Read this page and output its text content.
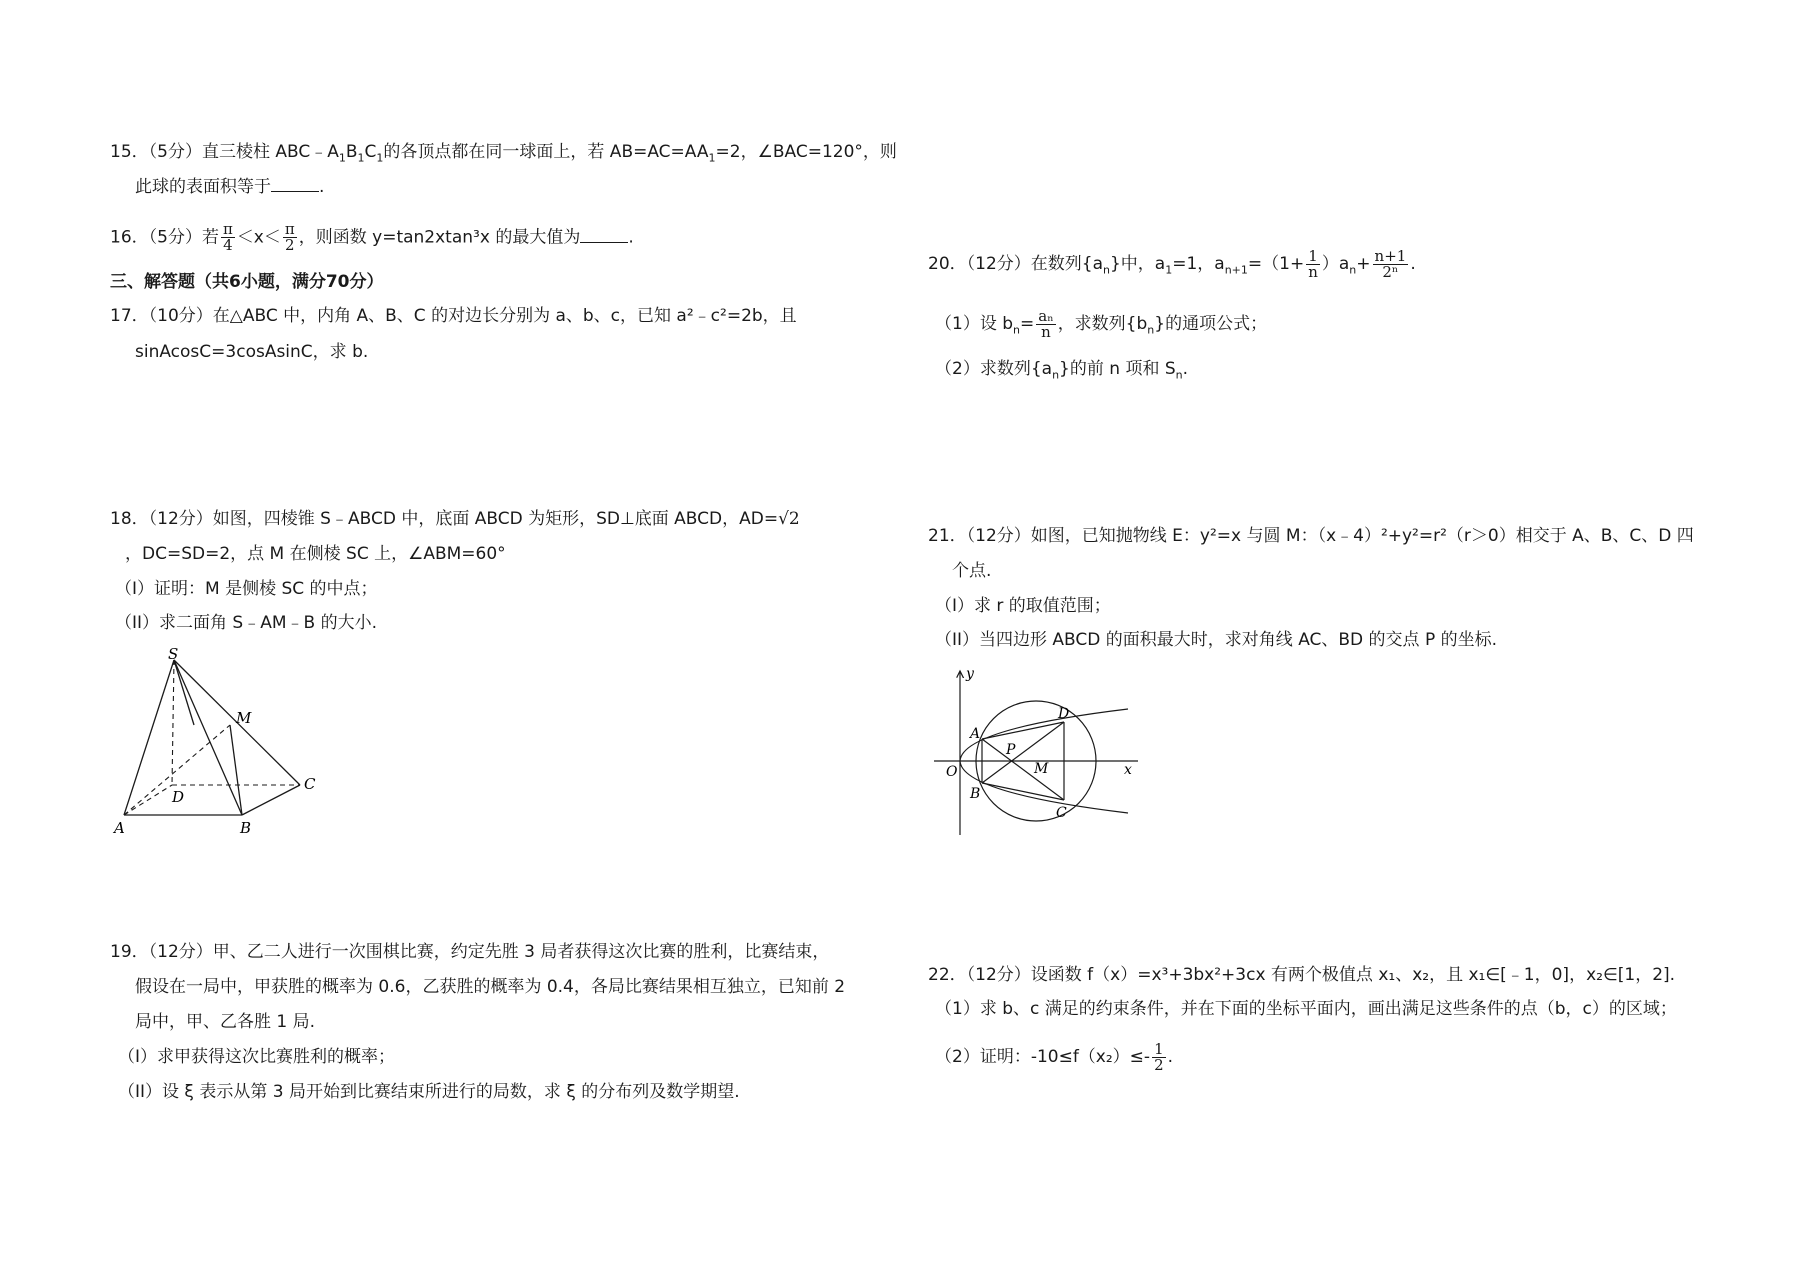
15．（5分）直三棱柱 $ABC﹣A_1B_1C_1$的各顶点都在同一球面上，若 $AB=AC=AA_1=2$，∠BAC=120°，则
此球的表面积等于	.
16．（5分）若 $\frac{\pi}{4} <x< \frac{\pi}{2}$ ，则函数 y=tan2xtan³x 的最大值为	.
三、解答题（共6小题，满分70分）
17．（10分）在△ABC 中，内角 A、B、C 的对边长分别为 a、b、c，已知 a²﹣c²=2b，且
sinAcosC=3cosAsinC，求 b.
18．（12分）如图，四棱锥 S﹣ABCD 中，底面 ABCD 为矩形，SD⊥底面 ABCD，AD=√2
，DC=SD=2，点 M 在侧棱 SC 上，∠ABM=60°
（I）证明：M 是侧棱 SC 的中点；
（II）求二面角 S﹣AM﹣B 的大小.
S
M
D
C
A	B
19．（12分）甲、乙二人进行一次围棋比赛，约定先胜 3 局者获得这次比赛的胜利，比赛结束，
假设在一局中，甲获胜的概率为 0.6，乙获胜的概率为 0.4，各局比赛结果相互独立，已知前 2
局中，甲、乙各胜 1 局.
（I）求甲获得这次比赛胜利的概率；
（II）设 ξ 表示从第 3 局开始到比赛结束所进行的局数，求 ξ 的分布列及数学期望.
20．（12分）在数列$\{a_n\}$中，$a_1=1$，$a_{n+1}=(1+ \frac{1}{n} )a_n+ \frac{n+1}{\text{2ⁿ}}$ .
（1）设 $b_n= \frac{\text{aₙ}}{n}$ ，求数列$\{b_n\}$的通项公式；
（2）求数列$\{a_n\}$的前 n 项和 $S_n$.
21．（12分）如图，已知抛物线 E：y²=x 与圆 M：（x﹣4）²+y²=r²（r＞0）相交于 A、B、C、D 四
个点.
（I）求 r 的取值范围；
（II）当四边形 ABCD 的面积最大时，求对角线 AC、BD 的交点 P 的坐标.
y
x
O
A
B
C
D
P
M
22．（12分）设函数 f（x）=x³+3bx²+3cx 有两个极值点 x₁、x₂，且 x₁∈[﹣1，0]，x₂∈[1，2].
（1）求 b、c 满足的约束条件，并在下面的坐标平面内，画出满足这些条件的点（b，c）的区域；
（2）证明：$-10\le f(x_2)\le- \frac{1}{2}$ .
